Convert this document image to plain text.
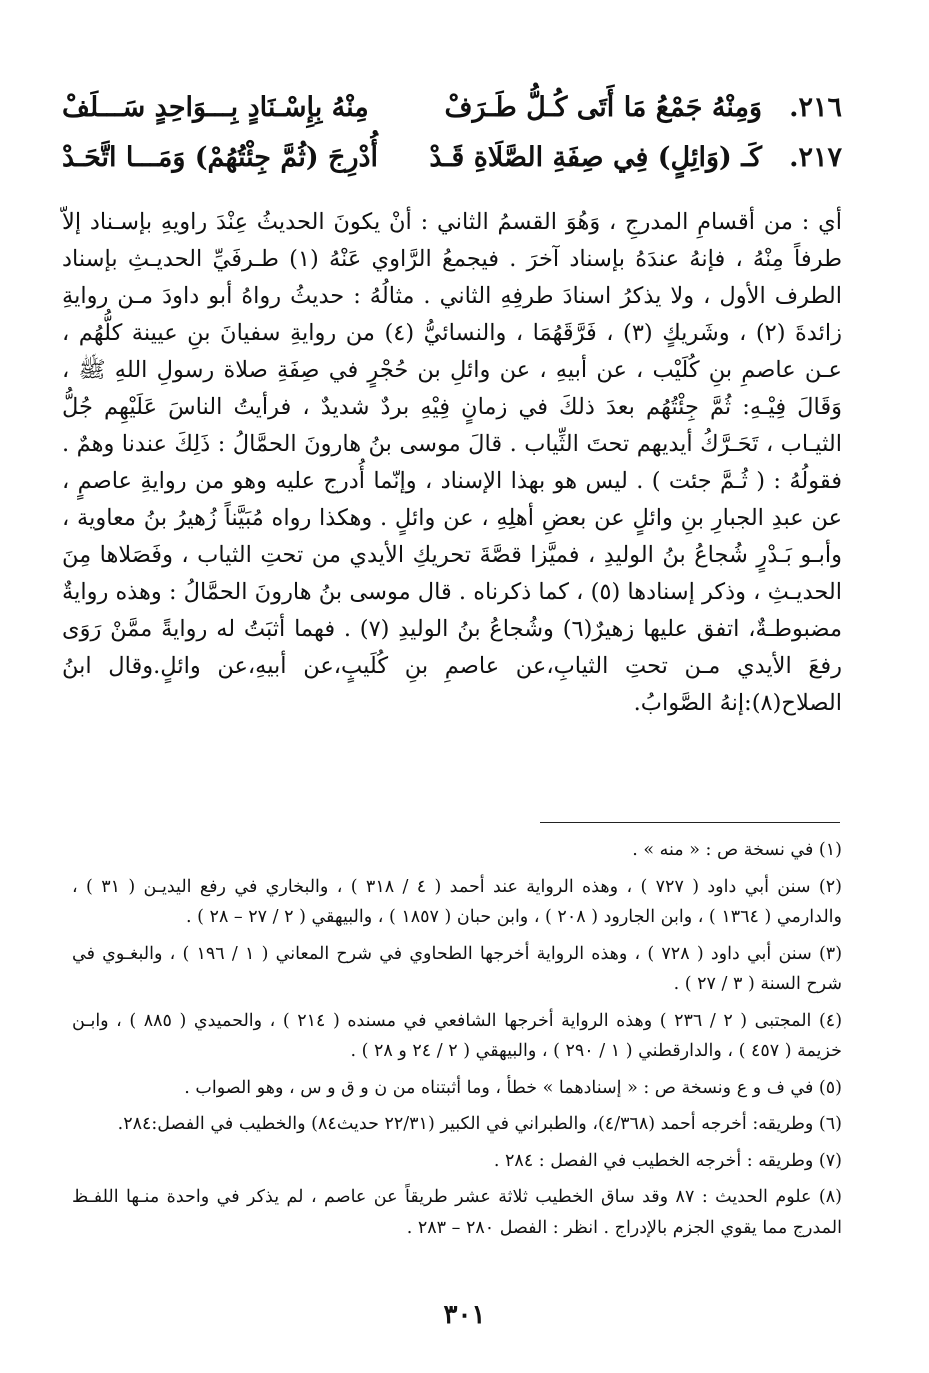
٢١٦.
وَمِنْهُ جَمْعُ مَا أَتَى كُـلُّ طَـرَفْ
مِنْهُ بِإِسْـنَادٍ بِـــوَاحِدٍ سَـــلَفْ
٢١٧.
كَـ (وَائِلٍ) فِي صِفَةِ الصَّلَاةِ قَـدْ
أُدْرِجَ (ثُمَّ جِئْتُهُمْ) وَمَـــا اتَّحَـدْ

أي : من أقسامِ المدرجِ ، وَهُوَ القسمُ الثاني : أنْ يكونَ الحديثُ عِنْدَ راويهِ بإسـناد إلاّ طرفاً مِنْهُ ، فإنهُ عندَهُ بإسناد آخرَ . فيجمعُ الرَّاوي عَنْهُ (١) طـرفَيِّ الحديـثِ بإسناد الطرف الأول ، ولا يذكرُ اسنادَ طرفِهِ الثاني . مثالُهُ : حديثُ رواهُ أبو داودَ مـن روايةِ زائدةَ (٢) ، وشَريكٍ (٣) ، فَرَّقَهُمَا ، والنسائيُّ (٤) من روايةِ سفيانَ بنِ عيينة كلُّهُم ، عـن عاصمِ بنِ كُلَيْب ، عن أبيهِ ، عن وائلِ بن حُجْرٍ في صِفَةِ صلاة رسولِ اللهِ ﷺ ، وَقَالَ فِيْـهِ: ثُمَّ جِئْتُهُم بعدَ ذلكَ في زمانٍ فِيْهِ بردٌ شديدٌ ، فرأيتُ الناسَ عَلَيْهِم جُلُّ الثيـاب ، تَحَـرَّكُ أيديهم تحتَ الثِّياب . قالَ موسى بنُ هارونَ الحمَّالُ : ذَلِكَ عندنا وهمٌ . فقولُهُ : ( ثُـمَّ جئت ) . ليس هو بهذا الإسناد ، وإنّما أُدرج عليه وهو من روايةِ عاصمٍ ، عن عبدِ الجبارِ بنِ وائلٍ عن بعضِ أهلِهِ ، عن وائلٍ . وهكذا رواه مُبَيَّناً زُهيرُ بنُ معاوية ، وأبـو بَـدْرٍ شُجاعُ بنُ الوليدِ ، فميَّزا قصَّةَ تحريكِ الأيدي من تحتِ الثياب ، وفَصَلاها مِنَ الحديـثِ ، وذكر إسنادها (٥) ، كما ذكرناه . قال موسى بنُ هارونَ الحمَّالُ : وهذه روايةٌ مضبوطـةٌ، اتفق عليها زهيرٌ(٦) وشُجاعُ بنُ الوليدِ (٧) . فهما أثبَتُ له روايةً ممَّنْ رَوَى رفعَ الأيدي مـن تحتِ الثيابِ،عن عاصمِ بنِ كُلَيبٍ،عن أبيهِ،عن وائلٍ.وقال ابنُ الصلاح(٨):إنهُ الصَّوابُ.

(١) في نسخة ص : « منه » .

(٢) سنن أبي داود ( ٧٢٧ ) ، وهذه الرواية عند أحمد ( ٤ / ٣١٨ ) ، والبخاري في رفع اليديـن ( ٣١ ) ، والدارمي ( ١٣٦٤ ) ، وابن الجارود ( ٢٠٨ ) ، وابن حبان ( ١٨٥٧ ) ، والبيهقي ( ٢ / ٢٧ – ٢٨ ) .

(٣) سنن أبي داود ( ٧٢٨ ) ، وهذه الرواية أخرجها الطحاوي في شرح المعاني ( ١ / ١٩٦ ) ، والبغـوي في شرح السنة ( ٣ / ٢٧ ) .

(٤) المجتبى ( ٢ / ٢٣٦ ) وهذه الرواية أخرجها الشافعي في مسنده ( ٢١٤ ) ، والحميدي ( ٨٨٥ ) ، وابـن خزيمة ( ٤٥٧ ) ، والدارقطني ( ١ / ٢٩٠ ) ، والبيهقي ( ٢ / ٢٤ و ٢٨ ) .

(٥) في ف و ع ونسخة ص : « إسنادهما » خطأ ، وما أثبتناه من ن و ق و س ، وهو الصواب .

(٦) وطريقه: أخرجه أحمد (٤/٣٦٨)، والطبراني في الكبير (٢٢/٣١ حديث٨٤) والخطيب في الفصل:٢٨٤.

(٧) وطريقه : أخرجه الخطيب في الفصل : ٢٨٤ .

(٨) علوم الحديث : ٨٧ وقد ساق الخطيب ثلاثة عشر طريقاً عن عاصم ، لم يذكر في واحدة منـها اللفـظ المدرج مما يقوي الجزم بالإدراج . انظر : الفصل ٢٨٠ – ٢٨٣ .

٣٠١
